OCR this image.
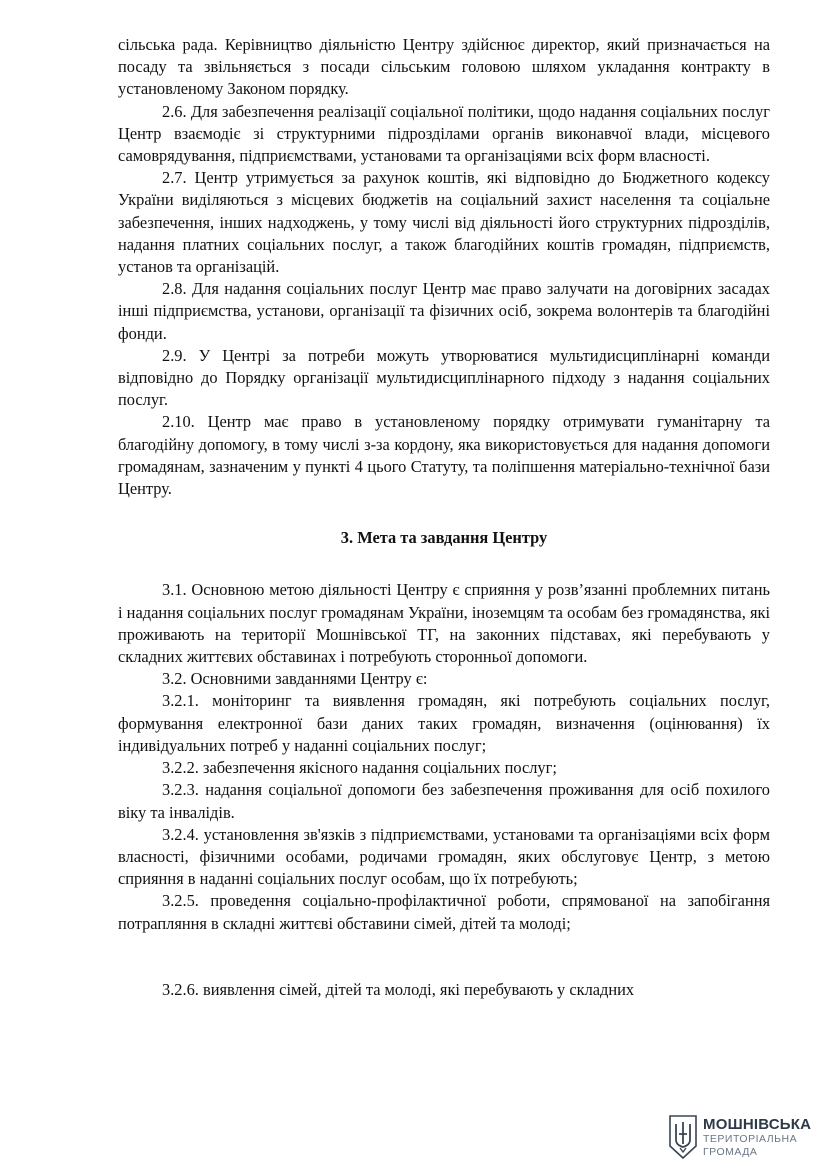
сільська рада. Керівництво діяльністю Центру здійснює директор, який призначається на посаду та звільняється з посади сільським головою шляхом укладання контракту в установленому Законом порядку.

2.6. Для забезпечення реалізації соціальної політики, щодо надання соціальних послуг Центр взаємодіє зі структурними підрозділами органів виконавчої влади, місцевого самоврядування, підприємствами, установами та організаціями всіх форм власності.

2.7. Центр утримується за рахунок коштів, які відповідно до Бюджетного кодексу України виділяються з місцевих бюджетів на соціальний захист населення та соціальне забезпечення, інших надходжень, у тому числі від діяльності його структурних підрозділів, надання платних соціальних послуг, а також благодійних коштів громадян, підприємств, установ та організацій.

2.8. Для надання соціальних послуг Центр має право залучати на договірних засадах інші підприємства, установи, організації та фізичних осіб, зокрема волонтерів та благодійні фонди.

2.9. У Центрі за потреби можуть утворюватися мультидисциплінарні команди відповідно до Порядку організації мультидисциплінарного підходу з надання соціальних послуг.

2.10. Центр має право в установленому порядку отримувати гуманітарну та благодійну допомогу, в тому числі з-за кордону, яка використовується для надання допомоги громадянам, зазначеним у пункті 4 цього Статуту, та поліпшення матеріально-технічної бази Центру.

3. Мета та завдання Центру

3.1. Основною метою діяльності Центру є сприяння у розв’язанні проблемних питань і надання соціальних послуг громадянам України, іноземцям та особам без громадянства, які проживають на території Мошнівської ТГ, на законних підставах, які перебувають у складних життєвих обставинах і потребують сторонньої допомоги.

3.2. Основними завданнями Центру є:

3.2.1. моніторинг та виявлення громадян, які потребують соціальних послуг, формування електронної бази даних таких громадян, визначення (оцінювання) їх індивідуальних потреб у наданні соціальних послуг;

3.2.2. забезпечення якісного надання соціальних послуг;

3.2.3. надання соціальної допомоги без забезпечення проживання для осіб похилого віку та інвалідів.

3.2.4. установлення зв'язків з підприємствами, установами та організаціями всіх форм власності, фізичними особами, родичами громадян, яких обслуговує Центр, з метою сприяння в наданні соціальних послуг особам, що їх потребують;

3.2.5. проведення соціально-профілактичної роботи, спрямованої на запобігання потрапляння в складні життєві обставини сімей, дітей та молоді;

3.2.6. виявлення сімей, дітей та молоді, які перебувають у складних

МОШНІВСЬКА
ТЕРИТОРІАЛЬНА
ГРОМАДА
